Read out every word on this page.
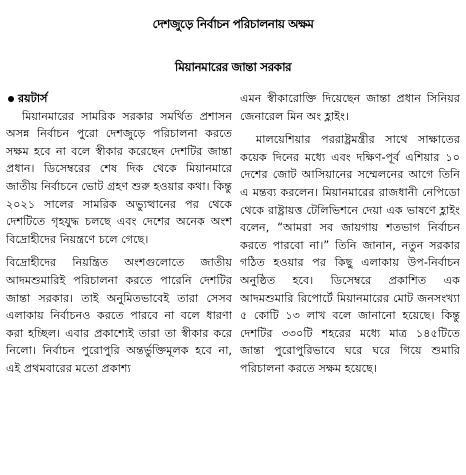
দেশজুড়ে নির্বাচন পরিচালনায় অক্ষম
মিয়ানমারের জান্তা সরকার
রয়টার্স

মিয়ানমারের সামরিক সরকার সমর্থিত প্রশাসন অসন্ন নির্বাচন পুরো দেশজুড়ে পরিচালনা করতে সক্ষম হবে না বলে স্বীকার করেছেন দেশটির জান্তা প্রধান। ডিসেম্বরের শেষ দিক থেকে মিয়ানমারে জাতীয় নির্বাচনে ভোট গ্রহণ শুরু হওয়ার কথা। কিন্তু ২০২১ সালের সামরিক অভ্যুত্থানের পর থেকে দেশটিতে গৃহযুদ্ধ চলছে এবং দেশের অনেক অংশ বিদ্রোহীদের নিয়ন্ত্রণে চলে গেছে।

বিদ্রোহীদের নিয়ন্ত্রিত অংশগুলোতে জাতীয় আদমশুমারিই পরিচালনা করতে পারেনি দেশটির জান্তা সরকার। তাই অনুমিতভাবেই তারা সেসব এলাকায় নির্বাচনও করতে পারবে না বলে ধারণা করা হচ্ছিল। এবার প্রকাশ্যেই তারা তা স্বীকার করে নিলো। নির্বাচন পুরোপুরি অন্তর্ভুক্তিমূলক হবে না, এই প্রথমবারের মতো প্রকাশ্য

এমন স্বীকারোক্তি দিয়েছেন জান্তা প্রধান সিনিয়র জেনারেল মিন অং হ্লাইং।

মালয়েশিয়ার পররাষ্ট্রমন্ত্রীর সাথে সাক্ষাতের কয়েক দিনের মধ্যে এবং দক্ষিণ-পূর্ব এশিয়ার ১০ দেশের জোট আসিয়ানের সম্মেলনের আগে তিনি এ মন্তব্য করলেন। মিয়ানমারের রাজধানী নেপিডো থেকে রাষ্ট্রায়ত্ত টেলিভিশনে দেয়া এক ভাষণে হ্লাইং বলেন, “আমরা সব জায়গায় শতভাগ নির্বাচন করতে পারবো না।” তিনি জানান, নতুন সরকার গঠিত হওয়ার পর কিছু এলাকায় উপ-নির্বাচন অনুষ্ঠিত হবে। ডিসেম্বরে প্রকাশিত এক আদমশুমারি রিপোর্টে মিয়ানমারের মোট জনসংখ্যা ৫ কোটি ১৩ লাখ বলে জানানো হয়েছে। কিন্তু দেশটির ৩৩০টি শহরের মধ্যে মাত্র ১৪৫টিতে জান্তা পুরোপুরিভাবে ঘরে ঘরে গিয়ে শুমারি পরিচালনা করতে সক্ষম হয়েছে।
